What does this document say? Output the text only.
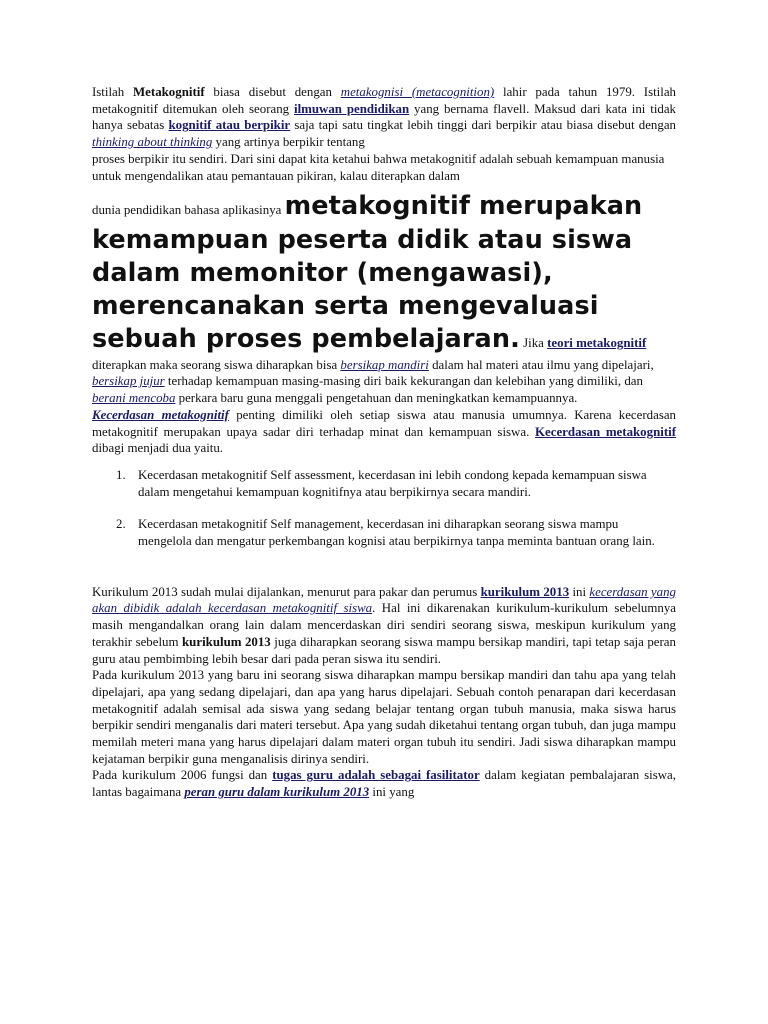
Istilah Metakognitif biasa disebut dengan metakognisi (metacognition) lahir pada tahun 1979. Istilah metakognitif ditemukan oleh seorang ilmuwan pendidikan yang bernama flavell. Maksud dari kata ini tidak hanya sebatas kognitif atau berpikir saja tapi satu tingkat lebih tinggi dari berpikir atau biasa disebut dengan thinking about thinking yang artinya berpikir tentang

proses berpikir itu sendiri. Dari sini dapat kita ketahui bahwa metakognitif adalah sebuah kemampuan manusia untuk mengendalikan atau pemantauan pikiran, kalau diterapkan dalam

dunia pendidikan bahasa aplikasinya metakognitif merupakan kemampuan peserta didik atau siswa dalam memonitor (mengawasi), merencanakan serta mengevaluasi sebuah proses pembelajaran. Jika teori metakognitif diterapkan maka seorang siswa diharapkan bisa bersikap mandiri dalam hal materi atau ilmu yang dipelajari, bersikap jujur terhadap kemampuan masing-masing diri baik kekurangan dan kelebihan yang dimiliki, dan berani mencoba perkara baru guna menggali pengetahuan dan meningkatkan kemampuannya.

Kecerdasan metakognitif penting dimiliki oleh setiap siswa atau manusia umumnya. Karena kecerdasan metakognitif merupakan upaya sadar diri terhadap minat dan kemampuan siswa. Kecerdasan metakognitif dibagi menjadi dua yaitu.

1. Kecerdasan metakognitif Self assessment, kecerdasan ini lebih condong kepada kemampuan siswa dalam mengetahui kemampuan kognitifnya atau berpikirnya secara mandiri.
2. Kecerdasan metakognitif Self management, kecerdasan ini diharapkan seorang siswa mampu mengelola dan mengatur perkembangan kognisi atau berpikirnya tanpa meminta bantuan orang lain.

Kurikulum 2013 sudah mulai dijalankan, menurut para pakar dan perumus kurikulum 2013 ini kecerdasan yang akan dibidik adalah kecerdasan metakognitif siswa. Hal ini dikarenakan kurikulum-kurikulum sebelumnya masih mengandalkan orang lain dalam mencerdaskan diri sendiri seorang siswa, meskipun kurikulum yang terakhir sebelum kurikulum 2013 juga diharapkan seorang siswa mampu bersikap mandiri, tapi tetap saja peran guru atau pembimbing lebih besar dari pada peran siswa itu sendiri.

Pada kurikulum 2013 yang baru ini seorang siswa diharapkan mampu bersikap mandiri dan tahu apa yang telah dipelajari, apa yang sedang dipelajari, dan apa yang harus dipelajari. Sebuah contoh penarapan dari kecerdasan metakognitif adalah semisal ada siswa yang sedang belajar tentang organ tubuh manusia, maka siswa harus berpikir sendiri menganalis dari materi tersebut. Apa yang sudah diketahui tentang organ tubuh, dan juga mampu memilah meteri mana yang harus dipelajari dalam materi organ tubuh itu sendiri. Jadi siswa diharapkan mampu kejataman berpikir guna menganalisis dirinya sendiri.

Pada kurikulum 2006 fungsi dan tugas guru adalah sebagai fasilitator dalam kegiatan pembalajaran siswa, lantas bagaimana peran guru dalam kurikulum 2013 ini yang
